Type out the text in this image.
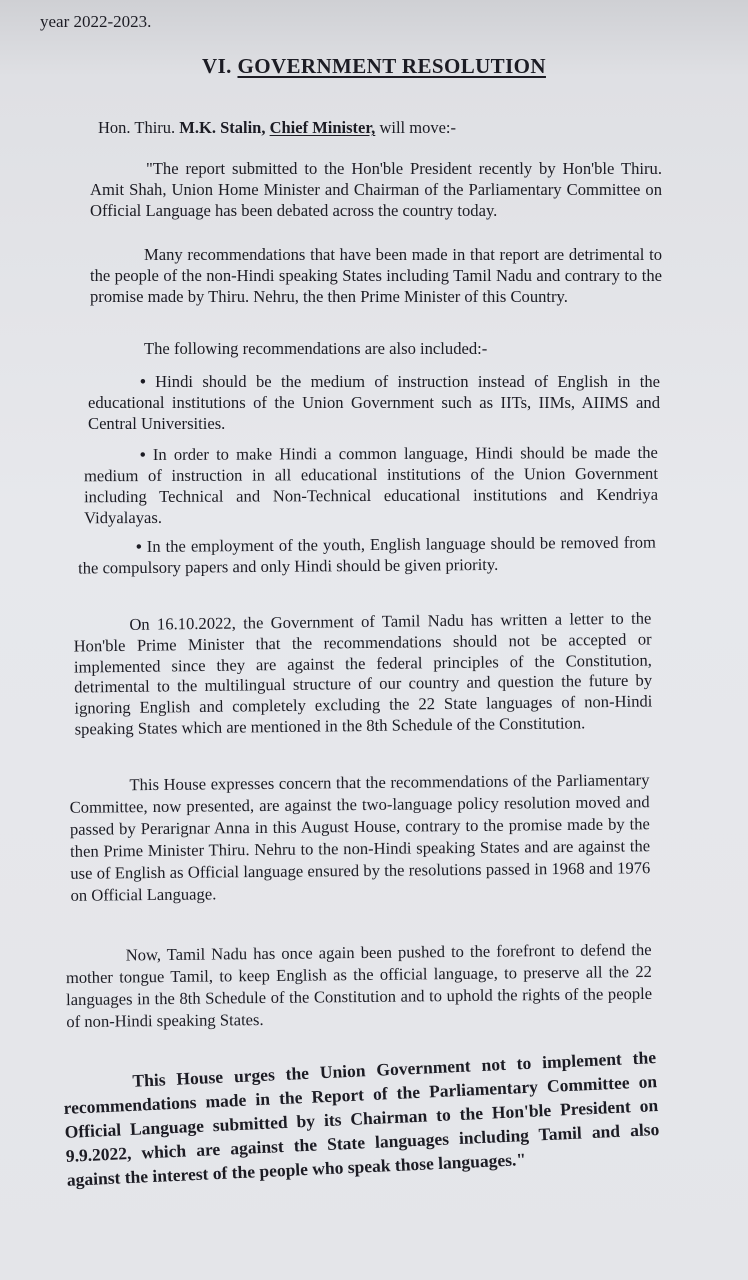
year 2022-2023.
VI. GOVERNMENT RESOLUTION
Hon. Thiru. M.K. Stalin, Chief Minister, will move:-

"The report submitted to the Hon'ble President recently by Hon'ble Thiru. Amit Shah, Union Home Minister and Chairman of the Parliamentary Committee on Official Language has been debated across the country today.

Many recommendations that have been made in that report are detrimental to the people of the non-Hindi speaking States including Tamil Nadu and contrary to the promise made by Thiru. Nehru, the then Prime Minister of this Country.

The following recommendations are also included:-

• Hindi should be the medium of instruction instead of English in the educational institutions of the Union Government such as IITs, IIMs, AIIMS and Central Universities.

• In order to make Hindi a common language, Hindi should be made the medium of instruction in all educational institutions of the Union Government including Technical and Non-Technical educational institutions and Kendriya Vidyalayas.

• In the employment of the youth, English language should be removed from the compulsory papers and only Hindi should be given priority.

On 16.10.2022, the Government of Tamil Nadu has written a letter to the Hon'ble Prime Minister that the recommendations should not be accepted or implemented since they are against the federal principles of the Constitution, detrimental to the multilingual structure of our country and question the future by ignoring English and completely excluding the 22 State languages of non-Hindi speaking States which are mentioned in the 8th Schedule of the Constitution.

This House expresses concern that the recommendations of the Parliamentary Committee, now presented, are against the two-language policy resolution moved and passed by Perarignar Anna in this August House, contrary to the promise made by the then Prime Minister Thiru. Nehru to the non-Hindi speaking States and are against the use of English as Official language ensured by the resolutions passed in 1968 and 1976 on Official Language.

Now, Tamil Nadu has once again been pushed to the forefront to defend the mother tongue Tamil, to keep English as the official language, to preserve all the 22 languages in the 8th Schedule of the Constitution and to uphold the rights of the people of non-Hindi speaking States.

This House urges the Union Government not to implement the recommendations made in the Report of the Parliamentary Committee on Official Language submitted by its Chairman to the Hon'ble President on 9.9.2022, which are against the State languages including Tamil and also against the interest of the people who speak those languages."
